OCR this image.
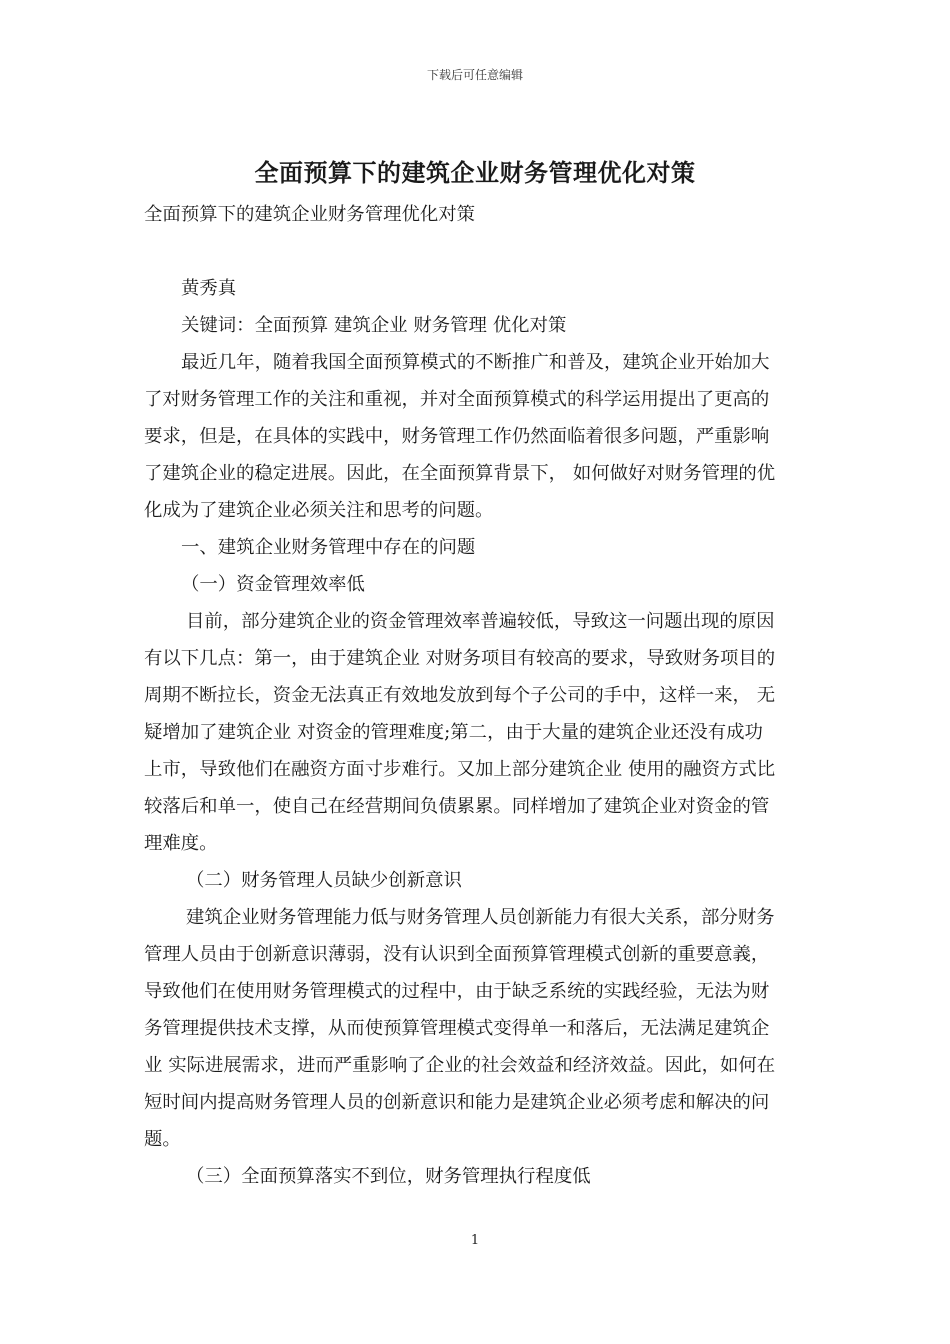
下载后可任意编辑
全面预算下的建筑企业财务管理优化对策
全面预算下的建筑企业财务管理优化对策
黄秀真
关键词：全面预算 建筑企业 财务管理 优化对策
最近几年，随着我国全面预算模式的不断推广和普及，建筑企业开始加大
了对财务管理工作的关注和重视，并对全面预算模式的科学运用提出了更高的
要求，但是，在具体的实践中，财务管理工作仍然面临着很多问题，严重影响
了建筑企业的稳定进展。因此，在全面预算背景下， 如何做好对财务管理的优
化成为了建筑企业必须关注和思考的问题。
一、建筑企业财务管理中存在的问题
（一）资金管理效率低
目前，部分建筑企业的资金管理效率普遍较低，导致这一问题出现的原因
有以下几点：第一，由于建筑企业 对财务项目有较高的要求，导致财务项目的
周期不断拉长，资金无法真正有效地发放到每个子公司的手中，这样一来， 无
疑增加了建筑企业 对资金的管理难度;第二，由于大量的建筑企业还没有成功
上市，导致他们在融资方面寸步难行。又加上部分建筑企业 使用的融资方式比
较落后和单一，使自己在经营期间负债累累。同样增加了建筑企业对资金的管
理难度。
（二）财务管理人员缺少创新意识
建筑企业财务管理能力低与财务管理人员创新能力有很大关系，部分财务
管理人员由于创新意识薄弱，没有认识到全面预算管理模式创新的重要意義，
导致他们在使用财务管理模式的过程中，由于缺乏系统的实践经验，无法为财
务管理提供技术支撑，从而使预算管理模式变得单一和落后，无法满足建筑企
业 实际进展需求，进而严重影响了企业的社会效益和经济效益。因此，如何在
短时间内提高财务管理人员的创新意识和能力是建筑企业必须考虑和解决的问
题。
（三）全面预算落实不到位，财务管理执行程度低
1
